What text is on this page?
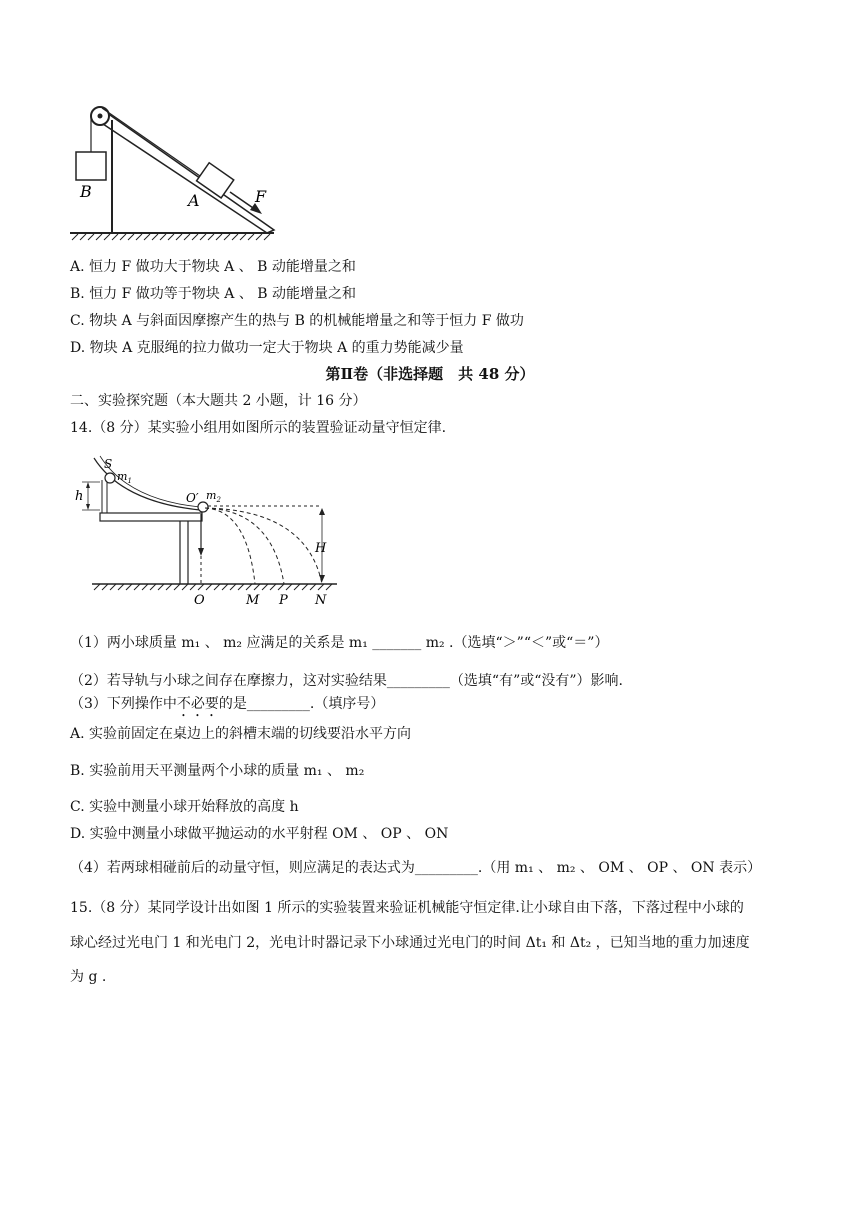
B	A	F
A. 恒力 F 做功大于物块 A 、 B 动能增量之和
B. 恒力 F 做功等于物块 A 、 B 动能增量之和
C. 物块 A 与斜面因摩擦产生的热与 B 的机械能增量之和等于恒力 F 做功
D. 物块 A 克服绳的拉力做功一定大于物块 A 的重力势能减少量
第Ⅱ卷（非选择题　共 48 分）
二、实验探究题（本大题共 2 小题，计 16 分）
14.（8 分）某实验小组用如图所示的装置验证动量守恒定律.
h
S
$m_1$
O′ $m_2$
H
O	M P N
（1）两小球质量 m₁ 、 m₂ 应满足的关系是 m₁ _______ m₂ .（选填“＞”“＜”或“＝”）
（2）若导轨与小球之间存在摩擦力，这对实验结果_________（选填“有”或“没有”）影响.
（3）下列操作中不必要的是_________.（填序号）
A. 实验前固定在桌边上的斜槽末端的切线要沿水平方向
B. 实验前用天平测量两个小球的质量 m₁ 、 m₂
C. 实验中测量小球开始释放的高度 h
D. 实验中测量小球做平抛运动的水平射程 OM 、 OP 、 ON
（4）若两球相碰前后的动量守恒，则应满足的表达式为_________.（用 m₁ 、 m₂ 、 OM 、 OP 、 ON 表示）
15.（8 分）某同学设计出如图 1 所示的实验装置来验证机械能守恒定律.让小球自由下落，下落过程中小球的
球心经过光电门 1 和光电门 2，光电计时器记录下小球通过光电门的时间 Δt₁ 和 Δt₂ ，已知当地的重力加速度
为 g .
